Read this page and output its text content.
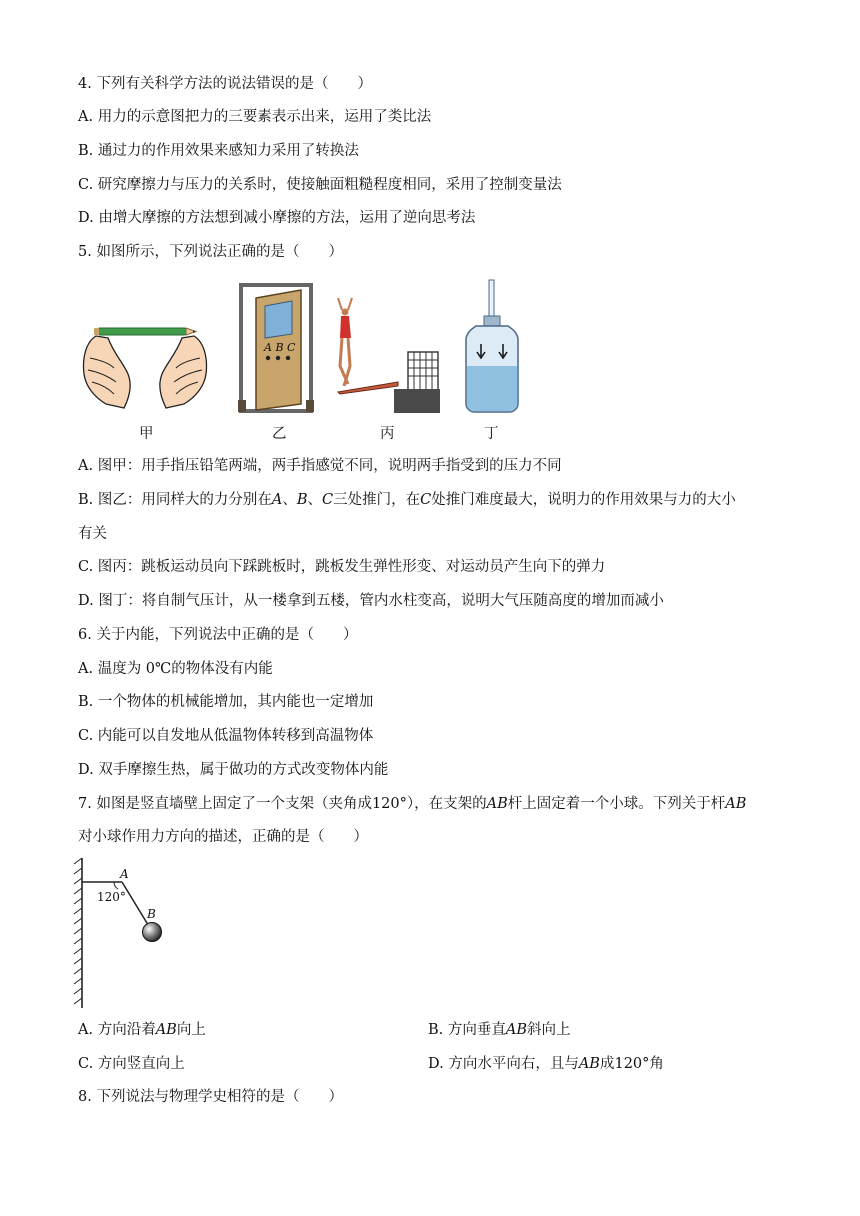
4. 下列有关科学方法的说法错误的是（　　）
A. 用力的示意图把力的三要素表示出来，运用了类比法
B. 通过力的作用效果来感知力采用了转换法
C. 研究摩擦力与压力的关系时，使接触面粗糙程度相同，采用了控制变量法
D. 由增大摩擦的方法想到减小摩擦的方法，运用了逆向思考法
5. 如图所示，下列说法正确的是（　　）
A B C
甲	乙	丙	丁
A. 图甲：用手指压铅笔两端，两手指感觉不同，说明两手指受到的压力不同
B. 图乙：用同样大的力分别在A、B、C三处推门，在C处推门难度最大，说明力的作用效果与力的大小
有关
C. 图丙：跳板运动员向下踩跳板时，跳板发生弹性形变、对运动员产生向下的弹力
D. 图丁：将自制气压计，从一楼拿到五楼，管内水柱变高，说明大气压随高度的增加而减小
6. 关于内能，下列说法中正确的是（　　）
A. 温度为 0℃的物体没有内能
B. 一个物体的机械能增加，其内能也一定增加
C. 内能可以自发地从低温物体转移到高温物体
D. 双手摩擦生热，属于做功的方式改变物体内能
7. 如图是竖直墙壁上固定了一个支架（夹角成120°），在支架的AB杆上固定着一个小球。下列关于杆AB
对小球作用力方向的描述，正确的是（　　）
A
B
120°
A. 方向沿着AB向上	B. 方向垂直AB斜向上
C. 方向竖直向上	D. 方向水平向右，且与AB成120°角
8. 下列说法与物理学史相符的是（　　）
